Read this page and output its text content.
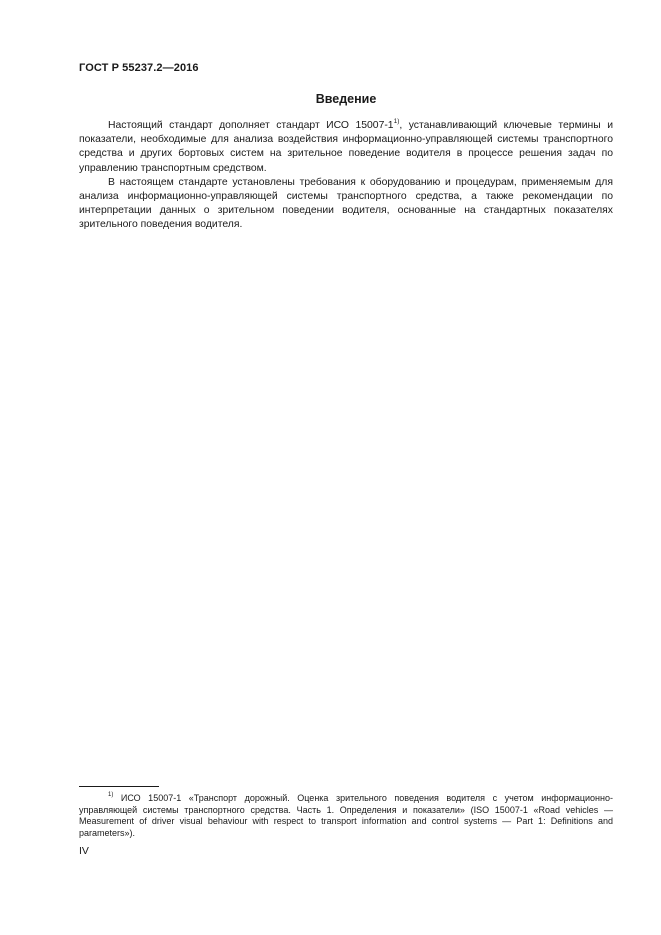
ГОСТ Р 55237.2—2016
Введение

Настоящий стандарт дополняет стандарт ИСО 15007-1$^{1)}$, устанавливающий ключевые термины и показатели, необходимые для анализа воздействия информационно-управляющей системы транспортного средства и других бортовых систем на зрительное поведение водителя в процессе решения задач по управлению транспортным средством.

В настоящем стандарте установлены требования к оборудованию и процедурам, применяемым для анализа информационно-управляющей системы транспортного средства, а также рекомендации по интерпретации данных о зрительном поведении водителя, основанные на стандартных показателях зрительного поведения водителя.

$^{1)}$ ИСО 15007-1 «Транспорт дорожный. Оценка зрительного поведения водителя с учетом информационно-управляющей системы транспортного средства. Часть 1. Определения и показатели» (ISO 15007-1 «Road vehicles — Measurement of driver visual behaviour with respect to transport information and control systems — Part 1: Definitions and parameters»).

IV
